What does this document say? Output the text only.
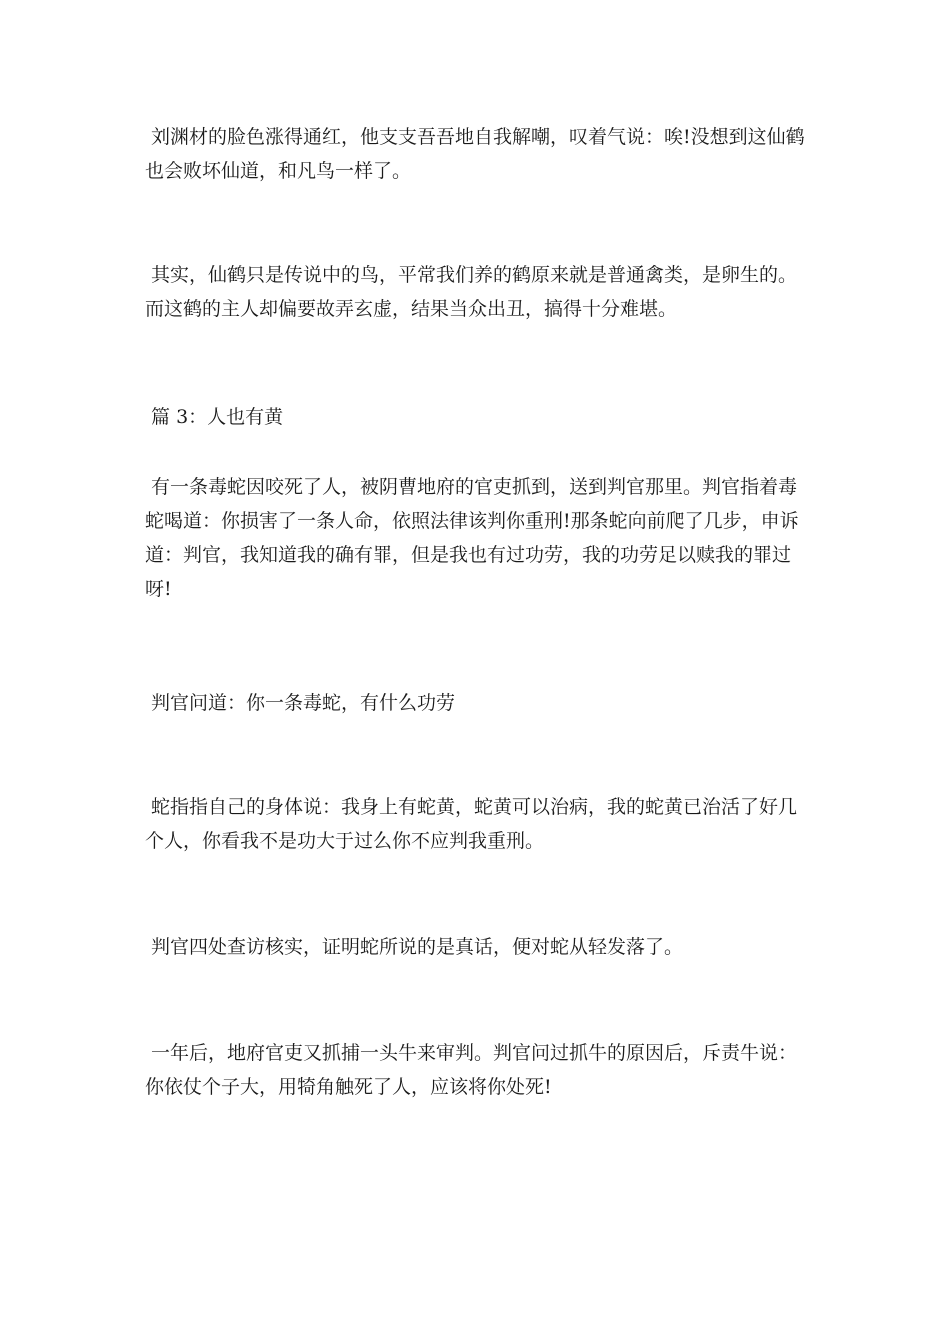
刘渊材的脸色涨得通红，他支支吾吾地自我解嘲，叹着气说：唉!没想到这仙鹤也会败坏仙道，和凡鸟一样了。

其实，仙鹤只是传说中的鸟，平常我们养的鹤原来就是普通禽类，是卵生的。而这鹤的主人却偏要故弄玄虚，结果当众出丑，搞得十分难堪。

篇 3：人也有黄

有一条毒蛇因咬死了人，被阴曹地府的官吏抓到，送到判官那里。判官指着毒蛇喝道：你损害了一条人命，依照法律该判你重刑!那条蛇向前爬了几步，申诉道：判官，我知道我的确有罪，但是我也有过功劳，我的功劳足以赎我的罪过呀!

判官问道：你一条毒蛇，有什么功劳

蛇指指自己的身体说：我身上有蛇黄，蛇黄可以治病，我的蛇黄已治活了好几个人，你看我不是功大于过么你不应判我重刑。

判官四处查访核实，证明蛇所说的是真话，便对蛇从轻发落了。

一年后，地府官吏又抓捕一头牛来审判。判官问过抓牛的原因后，斥责牛说：你依仗个子大，用犄角触死了人，应该将你处死!
